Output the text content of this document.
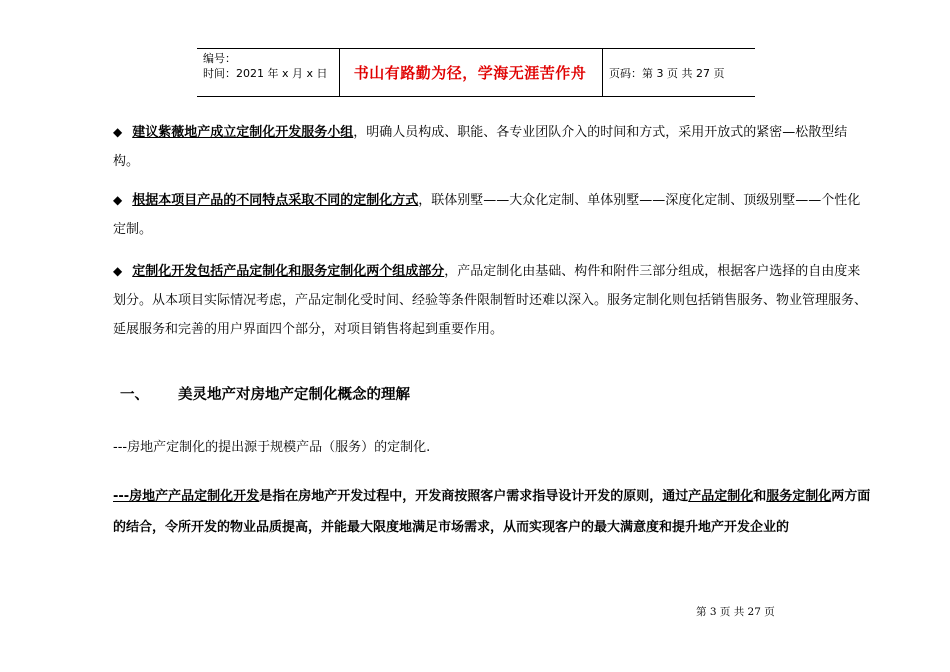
编号：
时间：2021 年 x 月 x 日	书山有路勤为径，学海无涯苦作舟	页码：第 3 页 共 27 页
◆ 建议紫薇地产成立定制化开发服务小组，明确人员构成、职能、各专业团队介入的时间和方式，采用开放式的紧密—松散型结构。
◆ 根据本项目产品的不同特点采取不同的定制化方式，联体别墅——大众化定制、单体别墅——深度化定制、顶级别墅——个性化定制。
◆ 定制化开发包括产品定制化和服务定制化两个组成部分，产品定制化由基础、构件和附件三部分组成，根据客户选择的自由度来划分。从本项目实际情况考虑，产品定制化受时间、经验等条件限制暂时还难以深入。服务定制化则包括销售服务、物业管理服务、延展服务和完善的用户界面四个部分，对项目销售将起到重要作用。
一、 美灵地产对房地产定制化概念的理解
---房地产定制化的提出源于规模产品（服务）的定制化.
---房地产产品定制化开发是指在房地产开发过程中，开发商按照客户需求指导设计开发的原则，通过产品定制化和服务定制化两方面的结合，令所开发的物业品质提高，并能最大限度地满足市场需求，从而实现客户的最大满意度和提升地产开发企业的
第 3 页 共 27 页
